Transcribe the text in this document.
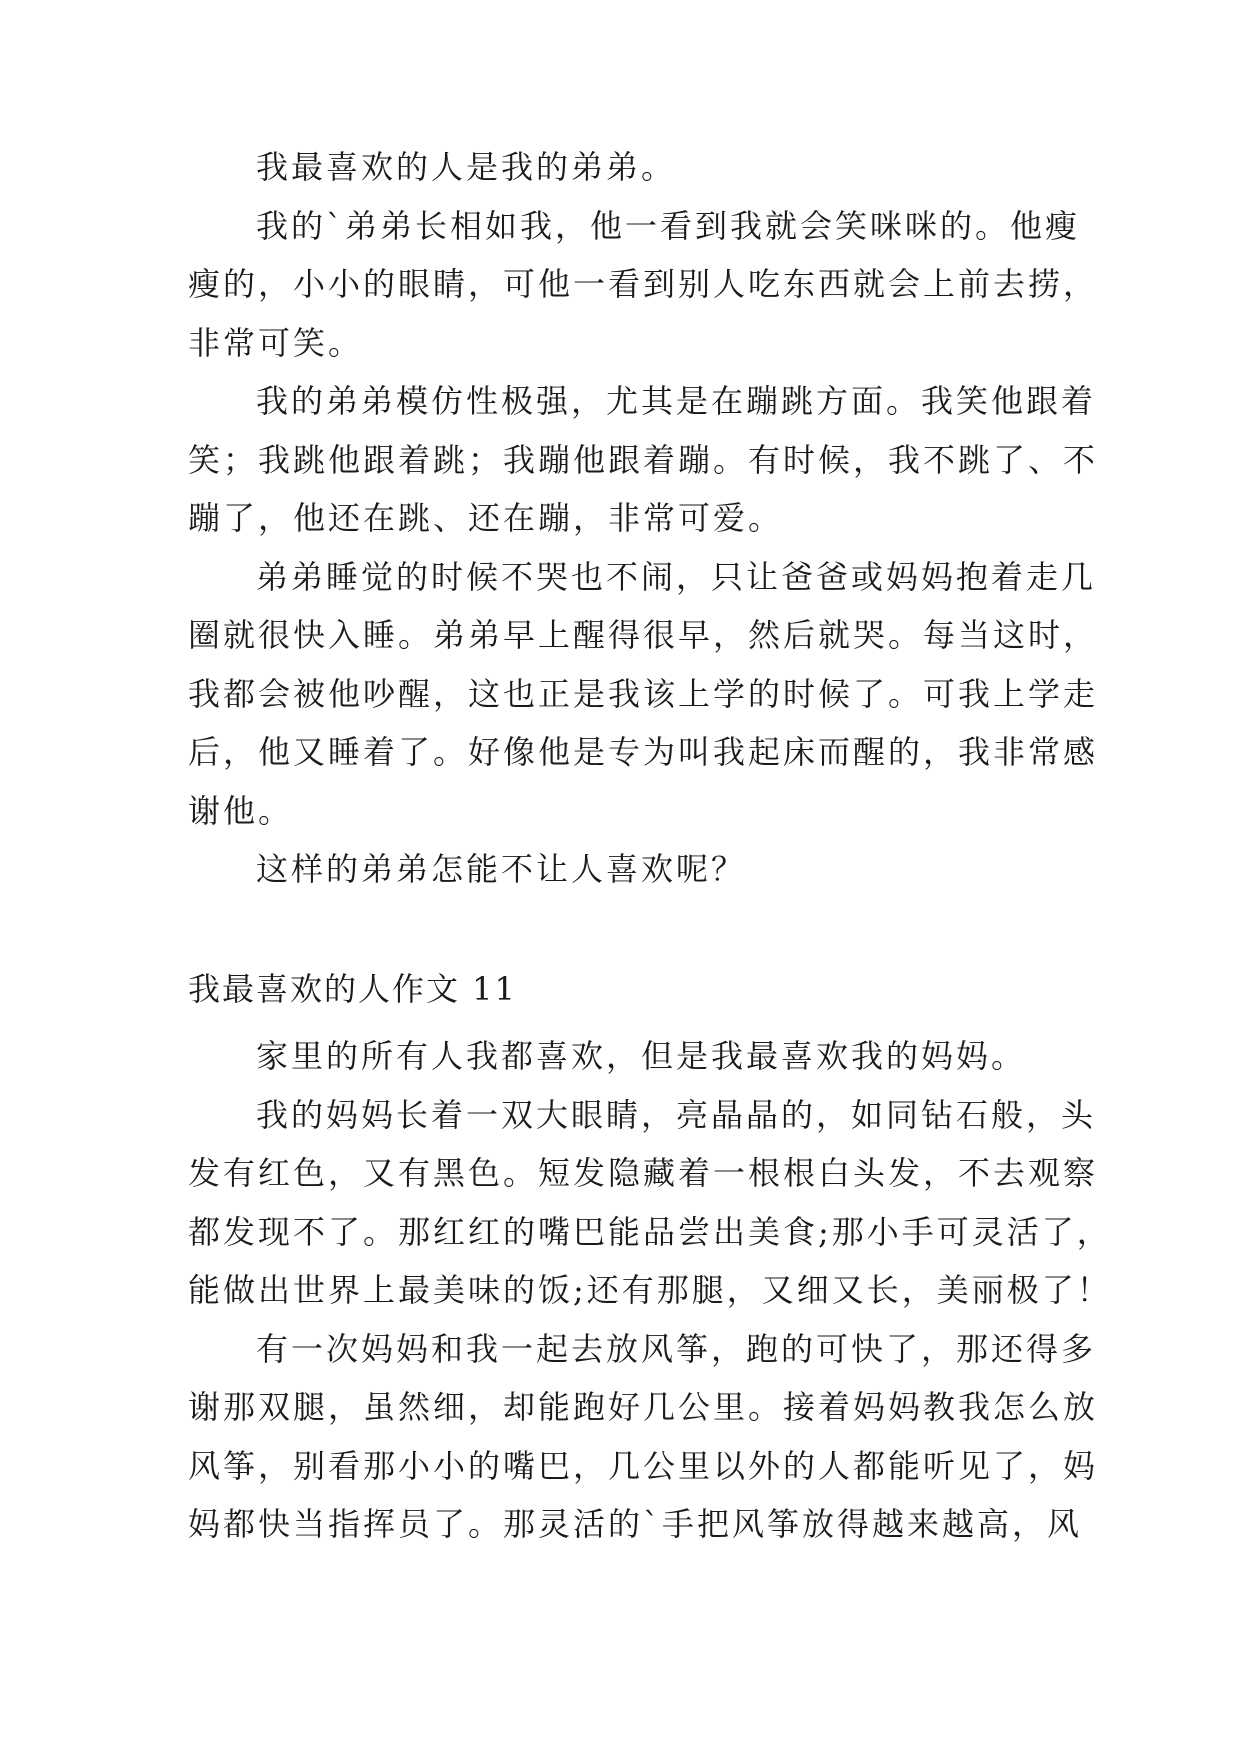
我最喜欢的人是我的弟弟。
我的`弟弟长相如我，他一看到我就会笑咪咪的。他瘦
瘦的，小小的眼睛，可他一看到别人吃东西就会上前去捞，
非常可笑。
我的弟弟模仿性极强，尤其是在蹦跳方面。我笑他跟着
笑；我跳他跟着跳；我蹦他跟着蹦。有时候，我不跳了、不
蹦了，他还在跳、还在蹦，非常可爱。
弟弟睡觉的时候不哭也不闹，只让爸爸或妈妈抱着走几
圈就很快入睡。弟弟早上醒得很早，然后就哭。每当这时，
我都会被他吵醒，这也正是我该上学的时候了。可我上学走
后，他又睡着了。好像他是专为叫我起床而醒的，我非常感
谢他。
这样的弟弟怎能不让人喜欢呢？
我最喜欢的人作文 11
家里的所有人我都喜欢，但是我最喜欢我的妈妈。
我的妈妈长着一双大眼睛，亮晶晶的，如同钻石般，头
发有红色，又有黑色。短发隐藏着一根根白头发，不去观察
都发现不了。那红红的嘴巴能品尝出美食;那小手可灵活了，
能做出世界上最美味的饭;还有那腿，又细又长，美丽极了！
有一次妈妈和我一起去放风筝，跑的可快了，那还得多
谢那双腿，虽然细，却能跑好几公里。接着妈妈教我怎么放
风筝，别看那小小的嘴巴，几公里以外的人都能听见了，妈
妈都快当指挥员了。那灵活的`手把风筝放得越来越高，风
